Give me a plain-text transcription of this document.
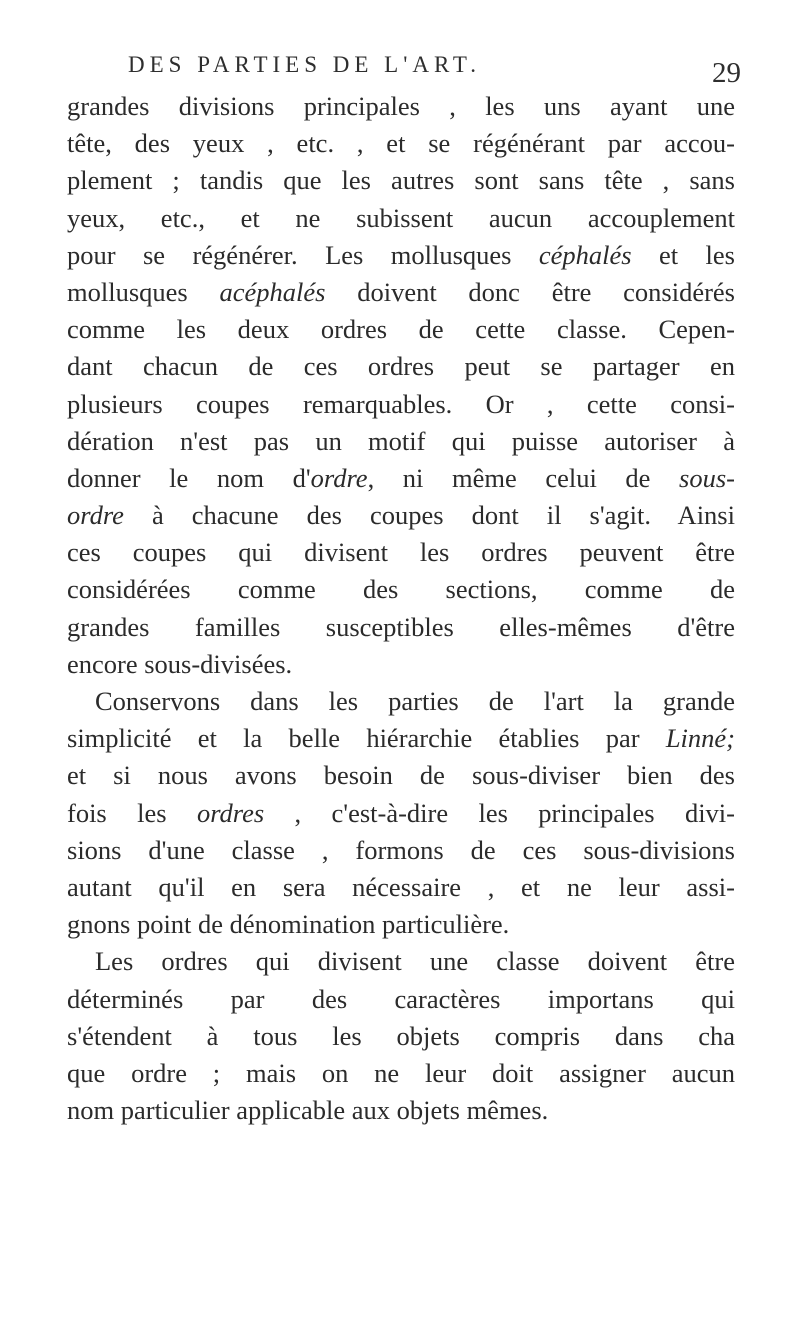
DES PARTIES DE L'ART.	29
grandes divisions principales , les uns ayant une
tête, des yeux , etc. , et se régénérant par accou-
plement ; tandis que les autres sont sans tête , sans
yeux, etc., et ne subissent aucun accouplement
pour se régénérer. Les mollusques céphalés et les
mollusques acéphalés doivent donc être considérés
comme les deux ordres de cette classe. Cepen-
dant chacun de ces ordres peut se partager en
plusieurs coupes remarquables. Or , cette consi-
dération n'est pas un motif qui puisse autoriser à
donner le nom d'ordre, ni même celui de sous-
ordre à chacune des coupes dont il s'agit. Ainsi
ces coupes qui divisent les ordres peuvent être
considérées comme des sections, comme de
grandes familles susceptibles elles-mêmes d'être
encore sous-divisées.
Conservons dans les parties de l'art la grande
simplicité et la belle hiérarchie établies par Linné;
et si nous avons besoin de sous-diviser bien des
fois les ordres , c'est-à-dire les principales divi-
sions d'une classe , formons de ces sous-divisions
autant qu'il en sera nécessaire , et ne leur assi-
gnons point de dénomination particulière.
Les ordres qui divisent une classe doivent être
déterminés par des caractères importans qui
s'étendent à tous les objets compris dans cha
que ordre ; mais on ne leur doit assigner aucun
nom particulier applicable aux objets mêmes.
